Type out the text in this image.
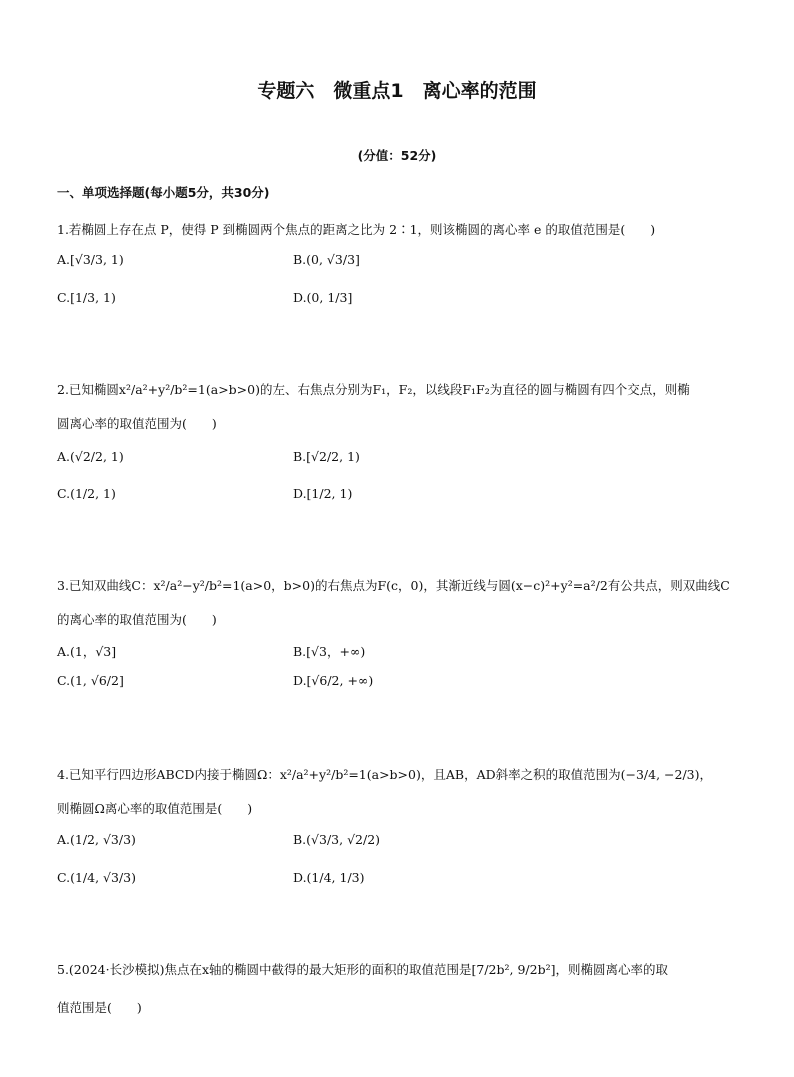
专题六　微重点1　离心率的范围
(分值：52分)
一、单项选择题(每小题5分，共30分)
1.若椭圆上存在点 P，使得 P 到椭圆两个焦点的距离之比为 2∶1，则该椭圆的离心率 e 的取值范围是(　　)
A.[√3/3, 1)	B.(0, √3/3]
C.[1/3, 1)	D.(0, 1/3]
2.已知椭圆x²/a²+y²/b²=1(a>b>0)的左、右焦点分别为F₁，F₂，以线段F₁F₂为直径的圆与椭圆有四个交点，则椭
圆离心率的取值范围为(　　)
A.(√2/2, 1)	B.[√2/2, 1)
C.(1/2, 1)	D.[1/2, 1)
3.已知双曲线C：x²/a²−y²/b²=1(a>0，b>0)的右焦点为F(c，0)，其渐近线与圆(x−c)²+y²=a²/2有公共点，则双曲线C
的离心率的取值范围为(　　)
A.(1，√3]	B.[√3，+∞)
C.(1, √6/2]	D.[√6/2, +∞)
4.已知平行四边形ABCD内接于椭圆Ω：x²/a²+y²/b²=1(a>b>0)，且AB，AD斜率之积的取值范围为(−3/4, −2/3)，
则椭圆Ω离心率的取值范围是(　　)
A.(1/2, √3/3)	B.(√3/3, √2/2)
C.(1/4, √3/3)	D.(1/4, 1/3)
5.(2024·长沙模拟)焦点在x轴的椭圆中截得的最大矩形的面积的取值范围是[7/2b², 9/2b²]，则椭圆离心率的取
值范围是(　　)
